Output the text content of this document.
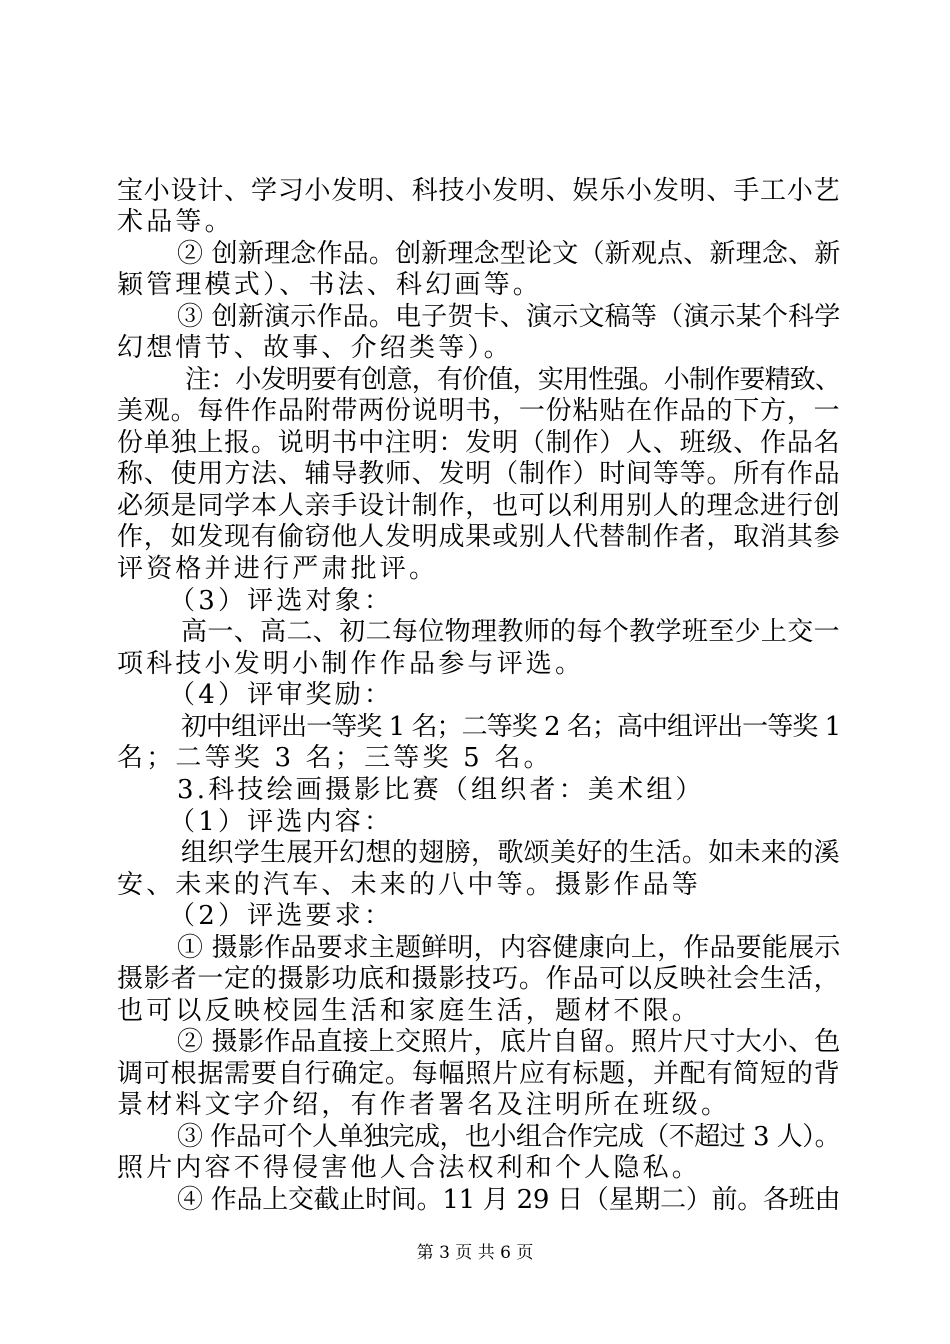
宝小设计、学习小发明、科技小发明、娱乐小发明、手工小艺
术品等。
② 创新理念作品。创新理念型论文（新观点、新理念、新
颖管理模式）、书法、科幻画等。
③ 创新演示作品。电子贺卡、演示文稿等（演示某个科学
幻想情节、故事、介绍类等）。
注：小发明要有创意，有价值，实用性强。小制作要精致、
美观。每件作品附带两份说明书，一份粘贴在作品的下方，一
份单独上报。说明书中注明：发明（制作）人、班级、作品名
称、使用方法、辅导教师、发明（制作）时间等等。所有作品
必须是同学本人亲手设计制作，也可以利用别人的理念进行创
作，如发现有偷窃他人发明成果或别人代替制作者，取消其参
评资格并进行严肃批评。
（3）评选对象：
高一、高二、初二每位物理教师的每个教学班至少上交一
项科技小发明小制作作品参与评选。
（4）评审奖励：
初中组评出一等奖 1 名；二等奖 2 名；高中组评出一等奖 1
名；二等奖 3 名；三等奖 5 名。
3.科技绘画摄影比赛（组织者：美术组）
（1）评选内容：
组织学生展开幻想的翅膀，歌颂美好的生活。如未来的溪
安、未来的汽车、未来的八中等。摄影作品等
（2）评选要求：
① 摄影作品要求主题鲜明，内容健康向上，作品要能展示
摄影者一定的摄影功底和摄影技巧。作品可以反映社会生活，
也可以反映校园生活和家庭生活，题材不限。
② 摄影作品直接上交照片，底片自留。照片尺寸大小、色
调可根据需要自行确定。每幅照片应有标题，并配有简短的背
景材料文字介绍，有作者署名及注明所在班级。
③ 作品可个人单独完成，也小组合作完成（不超过 3 人）。
照片内容不得侵害他人合法权利和个人隐私。
④ 作品上交截止时间。11 月 29 日（星期二）前。各班由
第 3 页 共 6 页
